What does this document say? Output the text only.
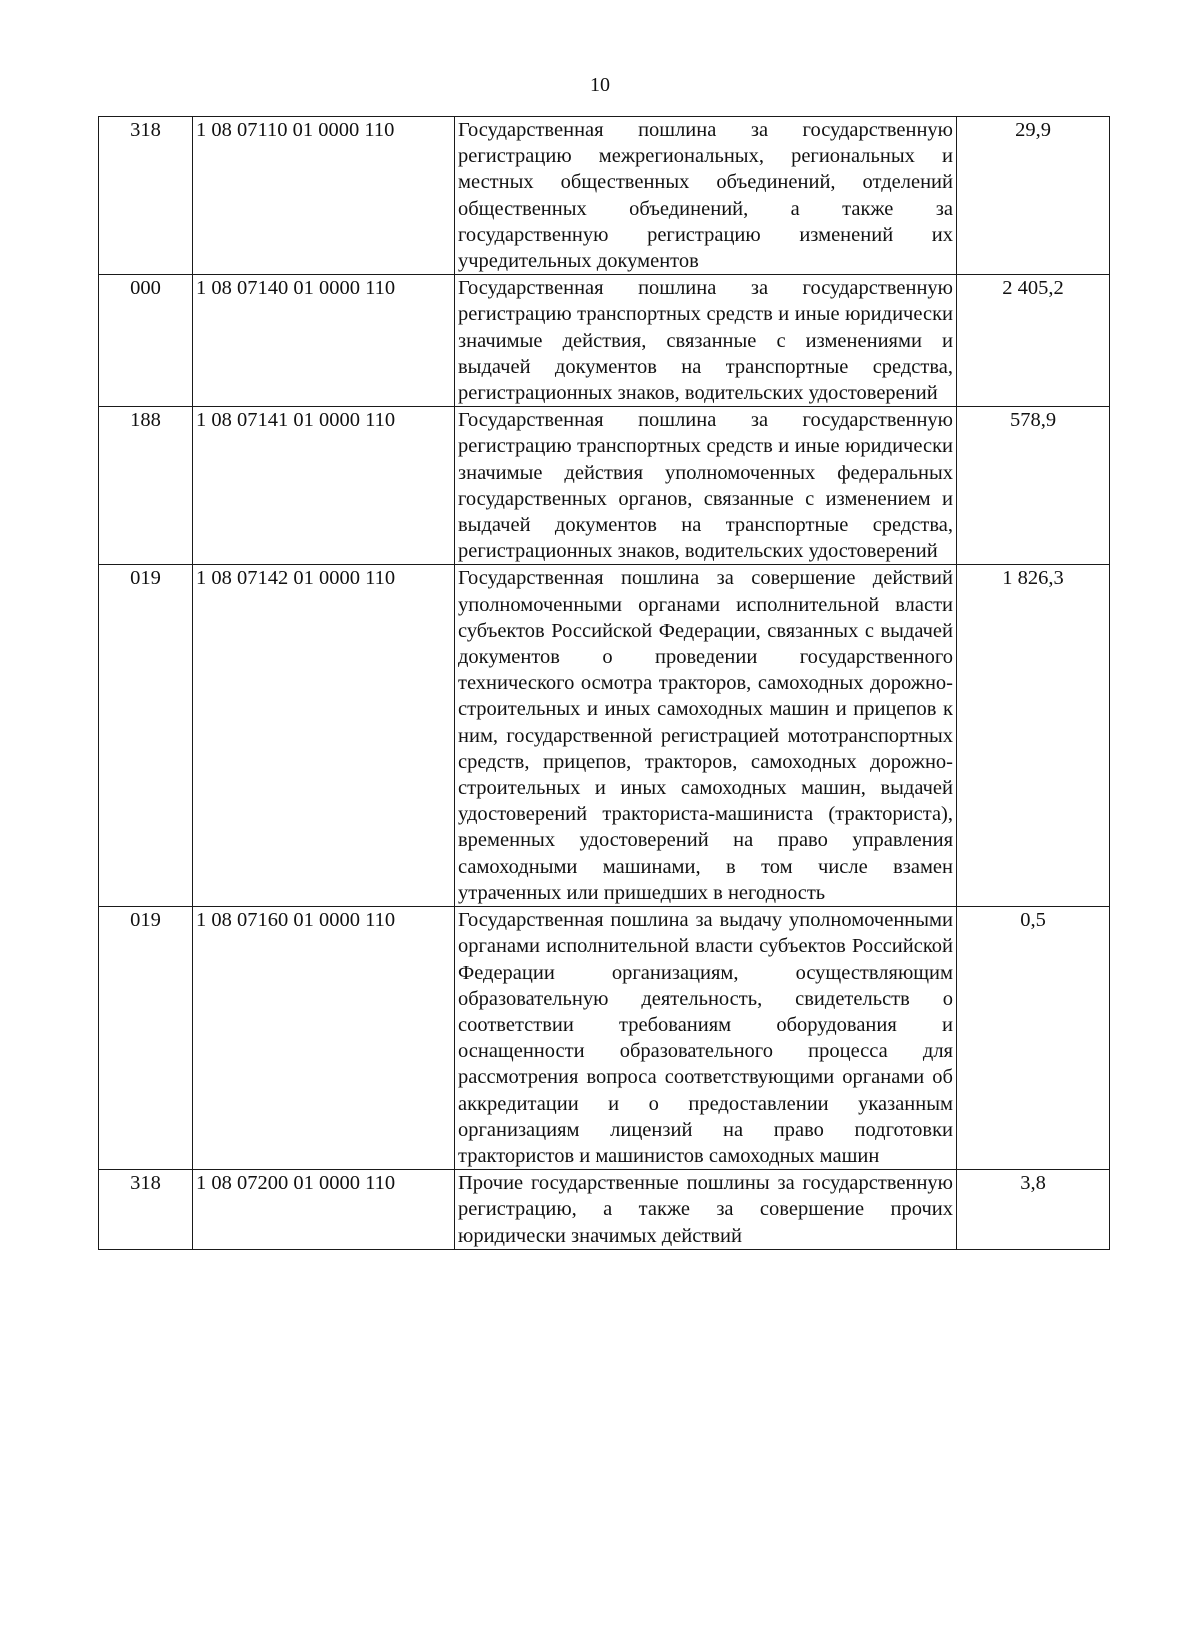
10
318	1 08 07110 01 0000 110	Государственная пошлина за государственную регистрацию межрегиональных, региональных и местных общественных объединений, отделений общественных объединений, а также за государственную регистрацию изменений их учредительных документов	29,9
000	1 08 07140 01 0000 110	Государственная пошлина за государственную регистрацию транспортных средств и иные юридически значимые действия, связанные с изменениями и выдачей документов на транспортные средства, регистрационных знаков, водительских удостоверений	2 405,2
188	1 08 07141 01 0000 110	Государственная пошлина за государственную регистрацию транспортных средств и иные юридически значимые действия уполномоченных федеральных государственных органов, связанные с изменением и выдачей документов на транспортные средства, регистрационных знаков, водительских удостоверений	578,9
019	1 08 07142 01 0000 110	Государственная пошлина за совершение действий уполномоченными органами исполнительной власти субъектов Российской Федерации, связанных с выдачей документов о проведении государственного технического осмотра тракторов, самоходных дорожно-строительных и иных самоходных машин и прицепов к ним, государственной регистрацией мототранспортных средств, прицепов, тракторов, самоходных дорожно-строительных и иных самоходных машин, выдачей удостоверений тракториста-машиниста (тракториста), временных удостоверений на право управления самоходными машинами, в том числе взамен утраченных или пришедших в негодность	1 826,3
019	1 08 07160 01 0000 110	Государственная пошлина за выдачу уполномоченными органами исполнительной власти субъектов Российской Федерации организациям, осуществляющим образовательную деятельность, свидетельств о соответствии требованиям оборудования и оснащенности образовательного процесса для рассмотрения вопроса соответствующими органами об аккредитации и о предоставлении указанным организациям лицензий на право подготовки трактористов и машинистов самоходных машин	0,5
318	1 08 07200 01 0000 110	Прочие государственные пошлины за государственную регистрацию, а также за совершение прочих юридически значимых действий	3,8
